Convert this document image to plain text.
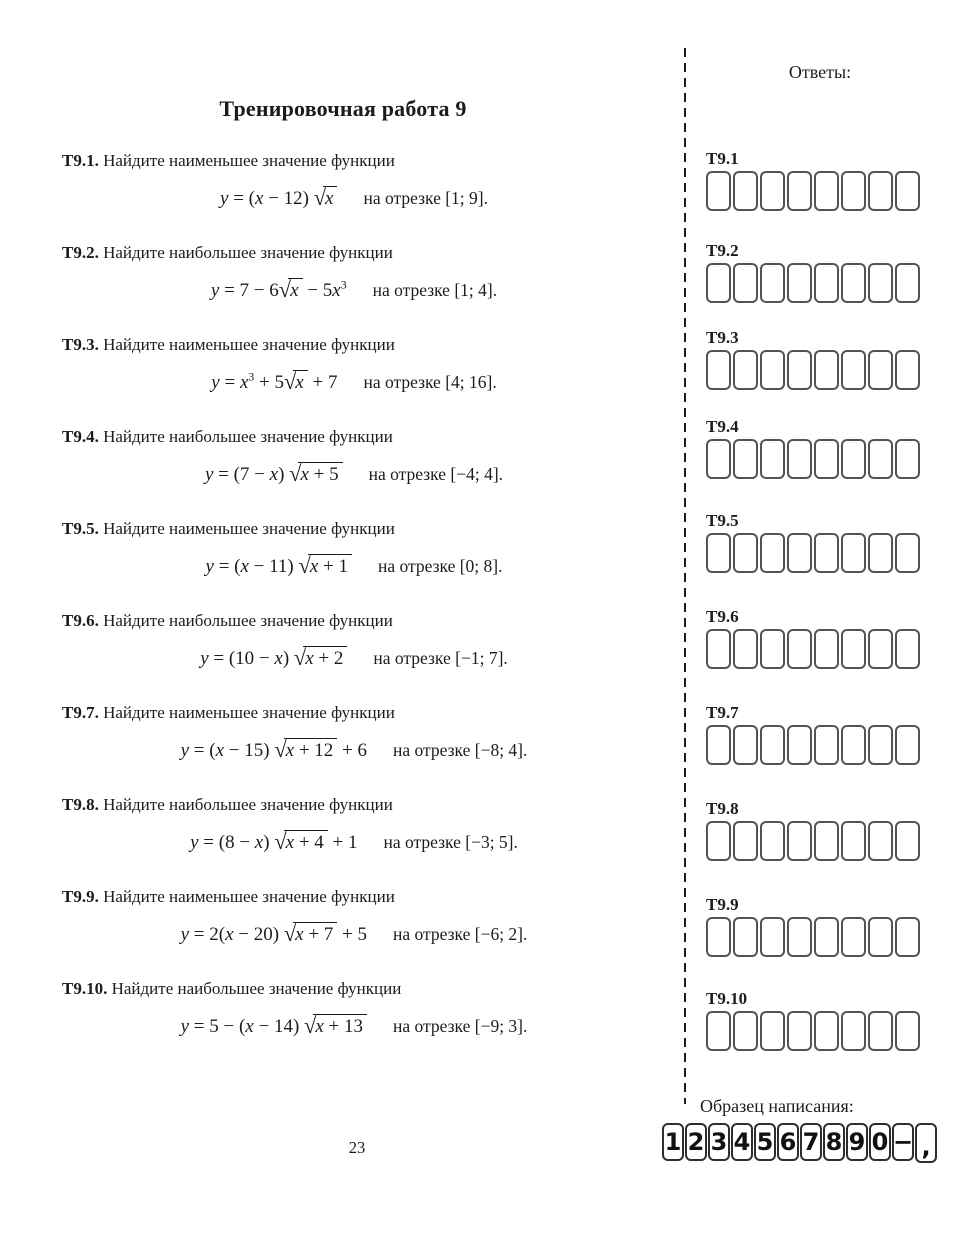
Тренировочная работа 9
Т9.1. Найдите наименьшее значение функции
y = (x − 12) √x на отрезке [1; 9].
Т9.2. Найдите наибольшее значение функции
$y = 7 - 6√x - 5x^3$ на отрезке [1; 4].
Т9.3. Найдите наименьшее значение функции
$y = x^3 + 5√x + 7$ на отрезке [4; 16].
Т9.4. Найдите наибольшее значение функции
y = (7 − x) √x + 5 на отрезке [−4; 4].
Т9.5. Найдите наименьшее значение функции
y = (x − 11) √x + 1 на отрезке [0; 8].
Т9.6. Найдите наибольшее значение функции
y = (10 − x) √x + 2 на отрезке [−1; 7].
Т9.7. Найдите наименьшее значение функции
y = (x − 15) √x + 12 + 6 на отрезке [−8; 4].
Т9.8. Найдите наибольшее значение функции
y = (8 − x) √x + 4 + 1 на отрезке [−3; 5].
Т9.9. Найдите наименьшее значение функции
y = 2(x − 20) √x + 7 + 5 на отрезке [−6; 2].
Т9.10. Найдите наибольшее значение функции
y = 5 − (x − 14) √x + 13 на отрезке [−9; 3].
Ответы:
Т9.1
Т9.2
Т9.3
Т9.4
Т9.5
Т9.6
Т9.7
Т9.8
Т9.9
Т9.10
Образец написания:
1 2 3 4 5 6 7 8 9 0 − ,
23
